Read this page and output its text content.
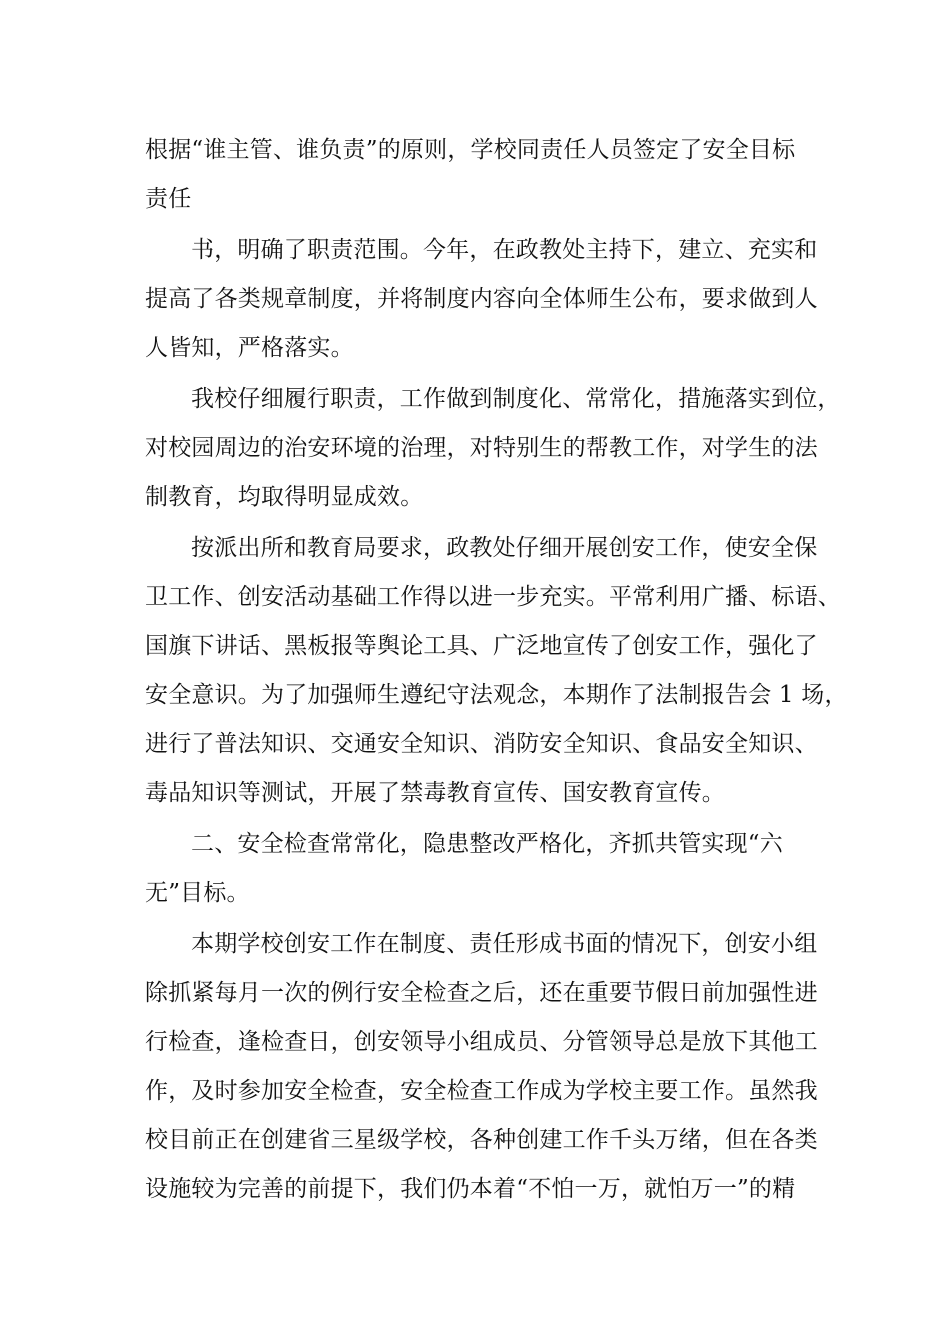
根据“谁主管、谁负责”的原则，学校同责任人员签定了安全目标
责任
书，明确了职责范围。今年，在政教处主持下，建立、充实和
提高了各类规章制度，并将制度内容向全体师生公布，要求做到人
人皆知，严格落实。
我校仔细履行职责，工作做到制度化、常常化，措施落实到位，
对校园周边的治安环境的治理，对特别生的帮教工作，对学生的法
制教育，均取得明显成效。
按派出所和教育局要求，政教处仔细开展创安工作，使安全保
卫工作、创安活动基础工作得以进一步充实。平常利用广播、标语、
国旗下讲话、黑板报等舆论工具、广泛地宣传了创安工作，强化了
安全意识。为了加强师生遵纪守法观念，本期作了法制报告会 1 场，
进行了普法知识、交通安全知识、消防安全知识、食品安全知识、
毒品知识等测试，开展了禁毒教育宣传、国安教育宣传。
二、安全检查常常化，隐患整改严格化，齐抓共管实现“六
无”目标。
本期学校创安工作在制度、责任形成书面的情况下，创安小组
除抓紧每月一次的例行安全检查之后，还在重要节假日前加强性进
行检查，逢检查日，创安领导小组成员、分管领导总是放下其他工
作，及时参加安全检查，安全检查工作成为学校主要工作。虽然我
校目前正在创建省三星级学校，各种创建工作千头万绪，但在各类
设施较为完善的前提下，我们仍本着“不怕一万，就怕万一”的精
